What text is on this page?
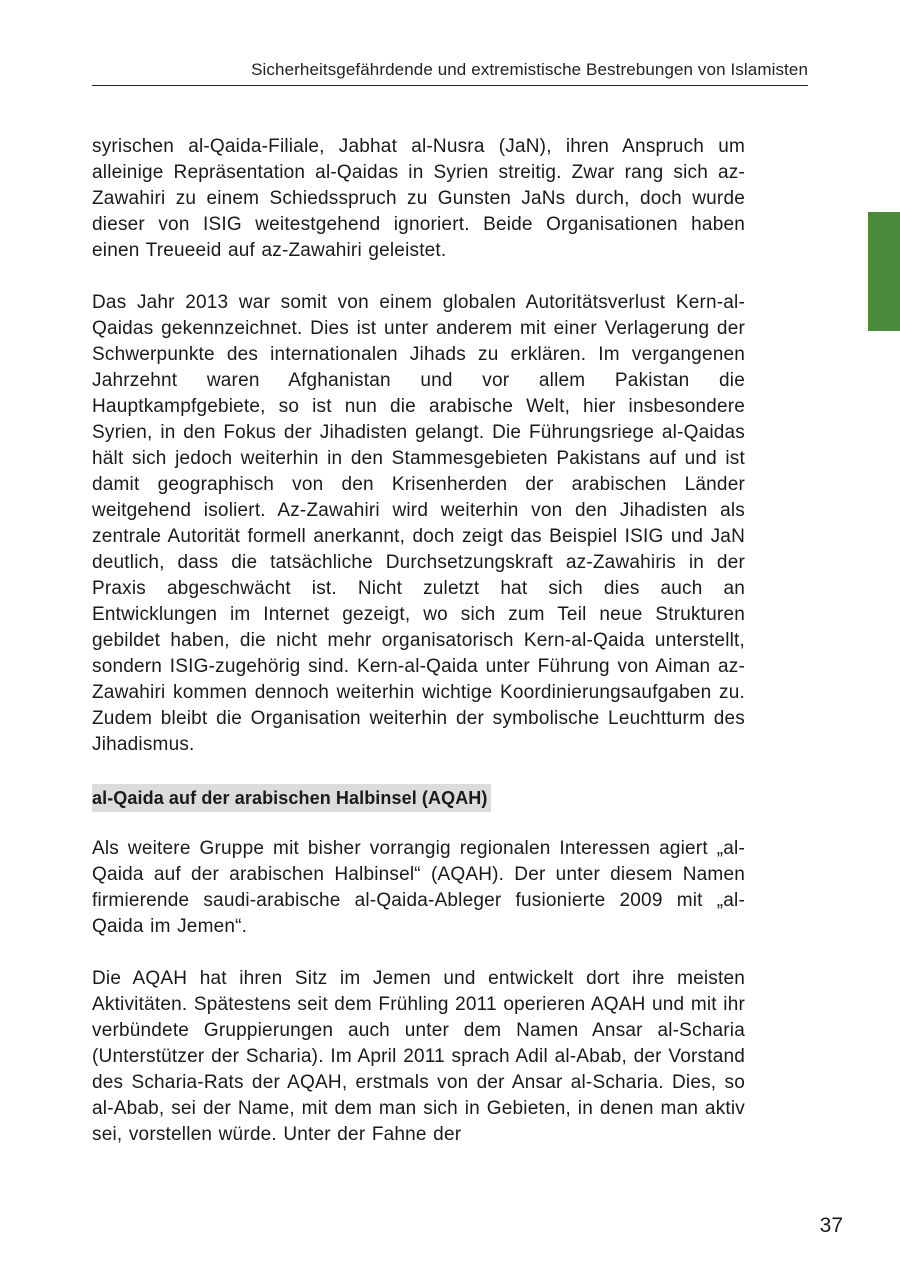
Sicherheitsgefährdende und extremistische Bestrebungen von Islamisten

syrischen al-Qaida-Filiale, Jabhat al-Nusra (JaN), ihren Anspruch um alleinige Repräsentation al-Qaidas in Syrien streitig. Zwar rang sich az-Zawahiri zu einem Schiedsspruch zu Gunsten JaNs durch, doch wurde dieser von ISIG weitestgehend ignoriert. Beide Organisationen haben einen Treueeid auf az-Zawahiri geleistet.

Das Jahr 2013 war somit von einem globalen Autoritätsverlust Kern-al-Qaidas gekennzeichnet. Dies ist unter anderem mit einer Verlagerung der Schwerpunkte des internationalen Jihads zu erklären. Im vergangenen Jahrzehnt waren Afghanistan und vor allem Pakistan die Hauptkampfgebiete, so ist nun die arabische Welt, hier insbesondere Syrien, in den Fokus der Jihadisten gelangt. Die Führungsriege al-Qaidas hält sich jedoch weiterhin in den Stammesgebieten Pakistans auf und ist damit geographisch von den Krisenherden der arabischen Länder weitgehend isoliert. Az-Zawahiri wird weiterhin von den Jihadisten als zentrale Autorität formell anerkannt, doch zeigt das Beispiel ISIG und JaN deutlich, dass die tatsächliche Durchsetzungskraft az-Zawahiris in der Praxis abgeschwächt ist. Nicht zuletzt hat sich dies auch an Entwicklungen im Internet gezeigt, wo sich zum Teil neue Strukturen gebildet haben, die nicht mehr organisatorisch Kern-al-Qaida unterstellt, sondern ISIG-zugehörig sind. Kern-al-Qaida unter Führung von Aiman az-Zawahiri kommen dennoch weiterhin wichtige Koordinierungsaufgaben zu. Zudem bleibt die Organisation weiterhin der symbolische Leuchtturm des Jihadismus.

al-Qaida auf der arabischen Halbinsel (AQAH)

Als weitere Gruppe mit bisher vorrangig regionalen Interessen agiert „al-Qaida auf der arabischen Halbinsel“ (AQAH). Der unter diesem Namen firmierende saudi-arabische al-Qaida-Ableger fusionierte 2009 mit „al-Qaida im Jemen“.

Die AQAH hat ihren Sitz im Jemen und entwickelt dort ihre meisten Aktivitäten. Spätestens seit dem Frühling 2011 operieren AQAH und mit ihr verbündete Gruppierungen auch unter dem Namen Ansar al-Scharia (Unterstützer der Scharia). Im April 2011 sprach Adil al-Abab, der Vorstand des Scharia-Rats der AQAH, erstmals von der Ansar al-Scharia. Dies, so al-Abab, sei der Name, mit dem man sich in Gebieten, in denen man aktiv sei, vorstellen würde. Unter der Fahne der

37
